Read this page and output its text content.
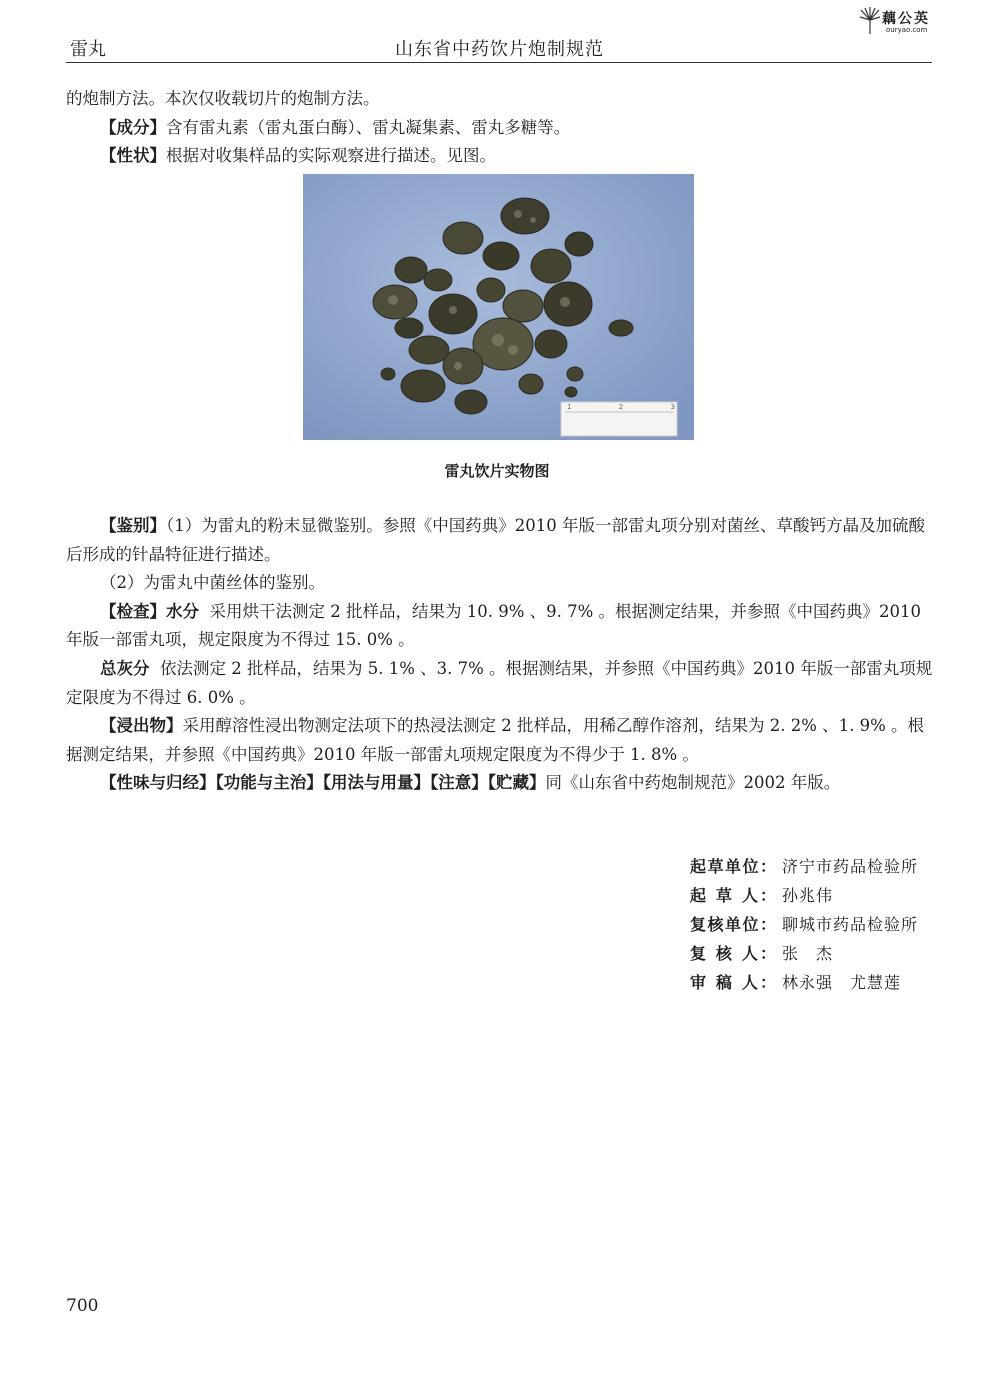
雷丸	山东省中药饮片炮制规范
藕公英
ouryao.com

的炮制方法。本次仅收载切片的炮制方法。

【成分】含有雷丸素（雷丸蛋白酶）、雷丸凝集素、雷丸多糖等。

【性状】根据对收集样品的实际观察进行描述。见图。

1	2	3
雷丸饮片实物图

【鉴别】（1）为雷丸的粉末显微鉴别。参照《中国药典》2010 年版一部雷丸项分别对菌丝、草酸钙方晶及加硫酸后形成的针晶特征进行描述。

（2）为雷丸中菌丝体的鉴别。

【检查】水分 采用烘干法测定 2 批样品，结果为 10. 9% 、9. 7% 。根据测定结果，并参照《中国药典》2010 年版一部雷丸项，规定限度为不得过 15. 0% 。

总灰分 依法测定 2 批样品，结果为 5. 1% 、3. 7% 。根据测结果，并参照《中国药典》2010 年版一部雷丸项规定限度为不得过 6. 0% 。

【浸出物】采用醇溶性浸出物测定法项下的热浸法测定 2 批样品，用稀乙醇作溶剂，结果为 2. 2% 、1. 9% 。根据测定结果，并参照《中国药典》2010 年版一部雷丸项规定限度为不得少于 1. 8% 。

【性味与归经】【功能与主治】【用法与用量】【注意】【贮藏】同《山东省中药炮制规范》2002 年版。

起草单位： 济宁市药品检验所
起 草 人： 孙兆伟
复核单位： 聊城市药品检验所
复 核 人： 张　杰
审 稿 人： 林永强　尤慧莲
700
